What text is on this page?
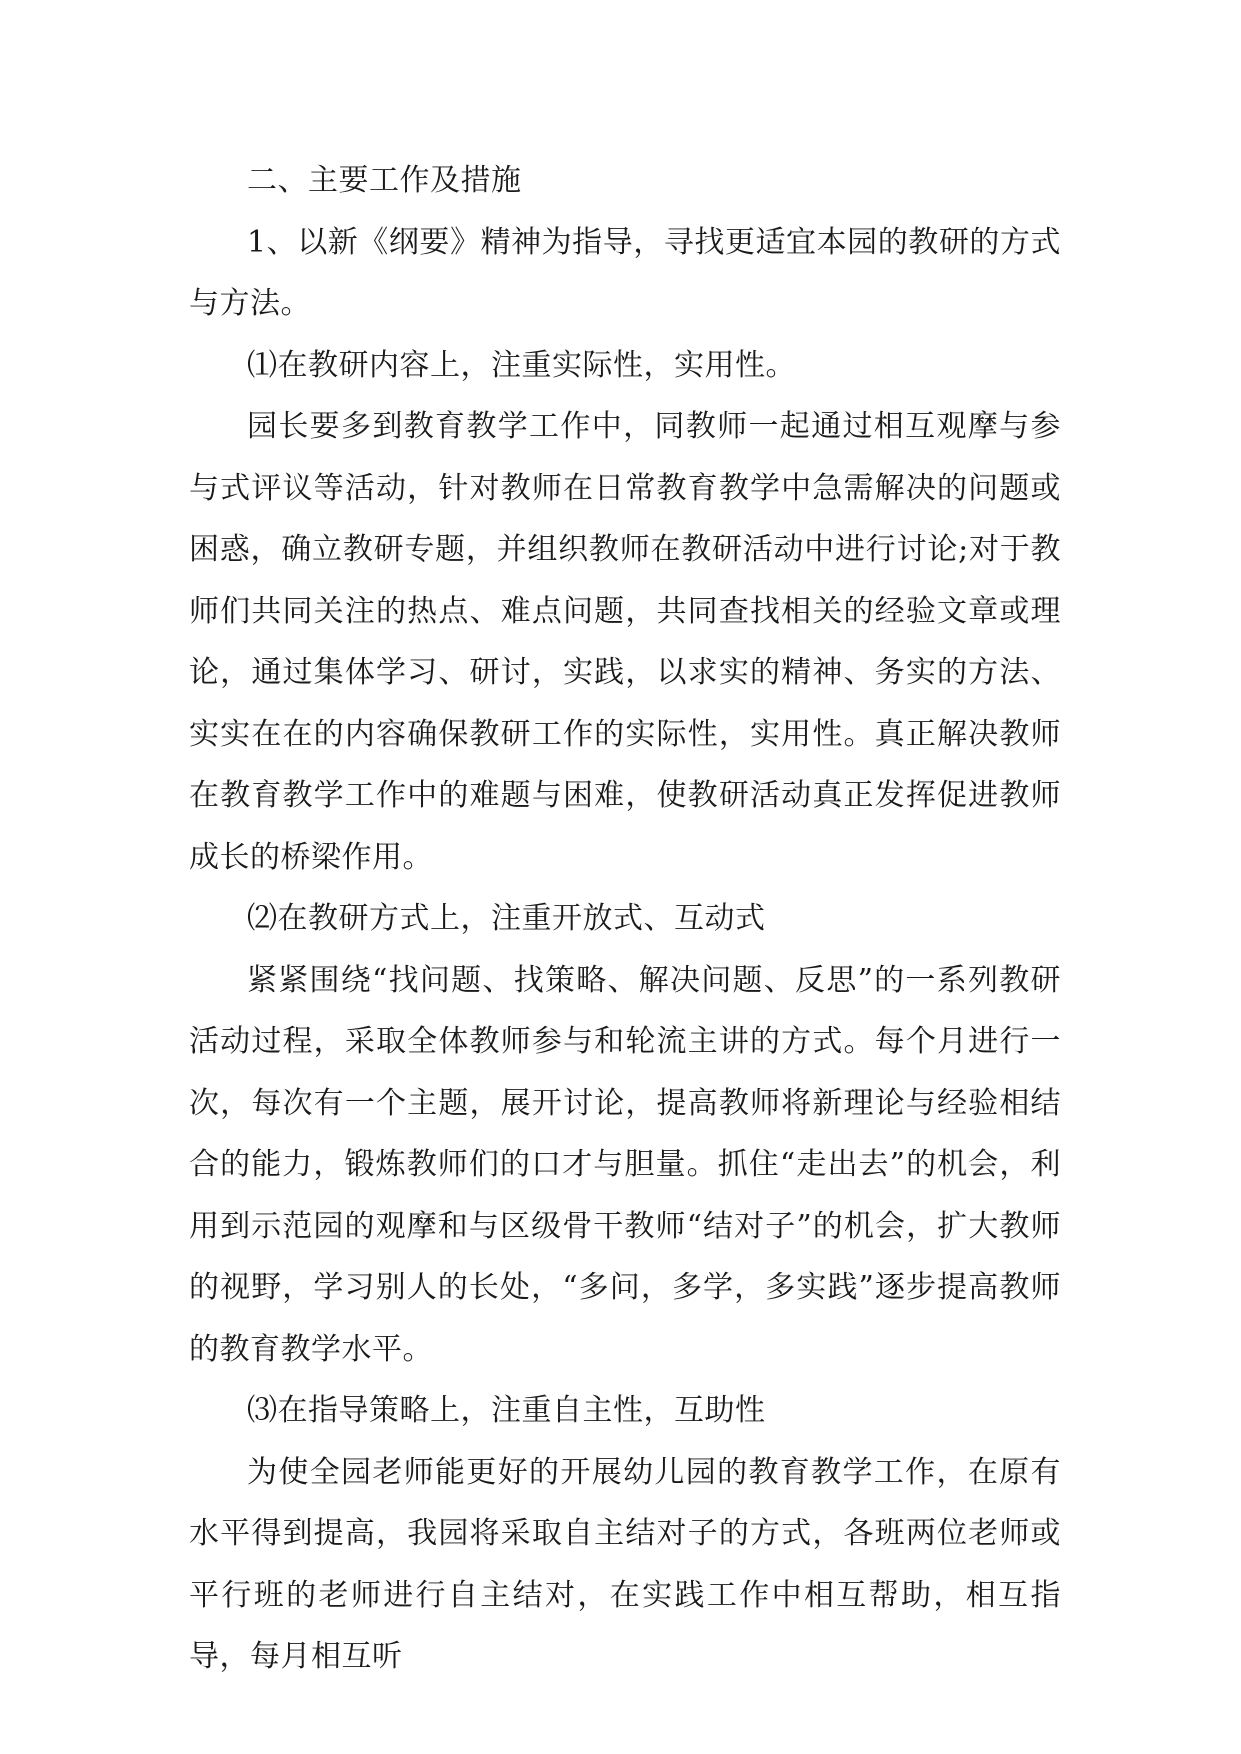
二、主要工作及措施

1、以新《纲要》精神为指导，寻找更适宜本园的教研的方式与方法。

⑴在教研内容上，注重实际性，实用性。

园长要多到教育教学工作中，同教师一起通过相互观摩与参与式评议等活动，针对教师在日常教育教学中急需解决的问题或困惑，确立教研专题，并组织教师在教研活动中进行讨论;对于教师们共同关注的热点、难点问题，共同查找相关的经验文章或理论，通过集体学习、研讨，实践，以求实的精神、务实的方法、实实在在的内容确保教研工作的实际性，实用性。真正解决教师在教育教学工作中的难题与困难，使教研活动真正发挥促进教师成长的桥梁作用。

⑵在教研方式上，注重开放式、互动式

紧紧围绕“找问题、找策略、解决问题、反思”的一系列教研活动过程，采取全体教师参与和轮流主讲的方式。每个月进行一次，每次有一个主题，展开讨论，提高教师将新理论与经验相结合的能力，锻炼教师们的口才与胆量。抓住“走出去”的机会，利用到示范园的观摩和与区级骨干教师“结对子”的机会，扩大教师的视野，学习别人的长处，“多问，多学，多实践”逐步提高教师的教育教学水平。

⑶在指导策略上，注重自主性，互助性

为使全园老师能更好的开展幼儿园的教育教学工作，在原有水平得到提高，我园将采取自主结对子的方式，各班两位老师或平行班的老师进行自主结对，在实践工作中相互帮助，相互指导，每月相互听
